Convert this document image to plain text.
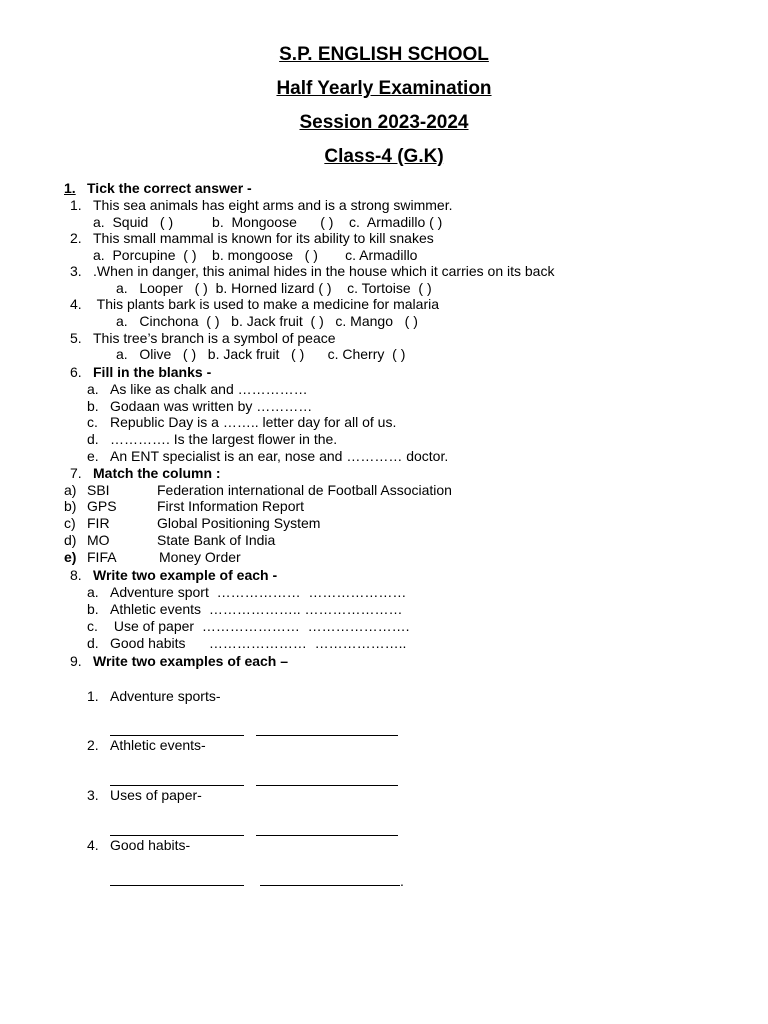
S.P. ENGLISH SCHOOL
Half Yearly Examination
Session 2023-2024
Class-4 (G.K)
1. Tick the correct answer -
1. This sea animals has eight arms and is a strong swimmer.
a.  Squid   ( )          b.  Mongoose      ( )    c.  Armadillo ( )
2. This small mammal is known for its ability to kill snakes
a.  Porcupine  ( )    b. mongoose   ( )       c. Armadillo
3. .When in danger, this animal hides in the house which it carries on its back
a.   Looper   ( )  b. Horned lizard ( )    c. Tortoise  ( )
4. This plants bark is used to make a medicine for malaria
a.   Cinchona  ( )   b. Jack fruit  ( )   c. Mango   ( )
5. This tree’s branch is a symbol of peace
a.   Olive   ( )   b. Jack fruit   ( )      c. Cherry  ( )
6. Fill in the blanks -
a. As like as chalk and ……………
b. Godaan was written by …………
c. Republic Day is a …….. letter day for all of us.
d. …………. Is the largest flower in the.
e. An ENT specialist is an ear, nose and ………… doctor.
7. Match the column :
a) SBI	Federation international de Football Association
b) GPS	First Information Report
c) FIR	Global Positioning System
d) MO	State Bank of India
e) FIFA	Money Order
8. Write two example of each -
a. Adventure sport  ………………  …………………
b. Athletic events  ……………….. …………………
c. Use of paper  …………………  ………………….
d. Good habits      …………………  ………………..
9. Write two examples of each –
1. Adventure sports-
2. Athletic events-
3. Uses of paper-
4. Good habits-
.
